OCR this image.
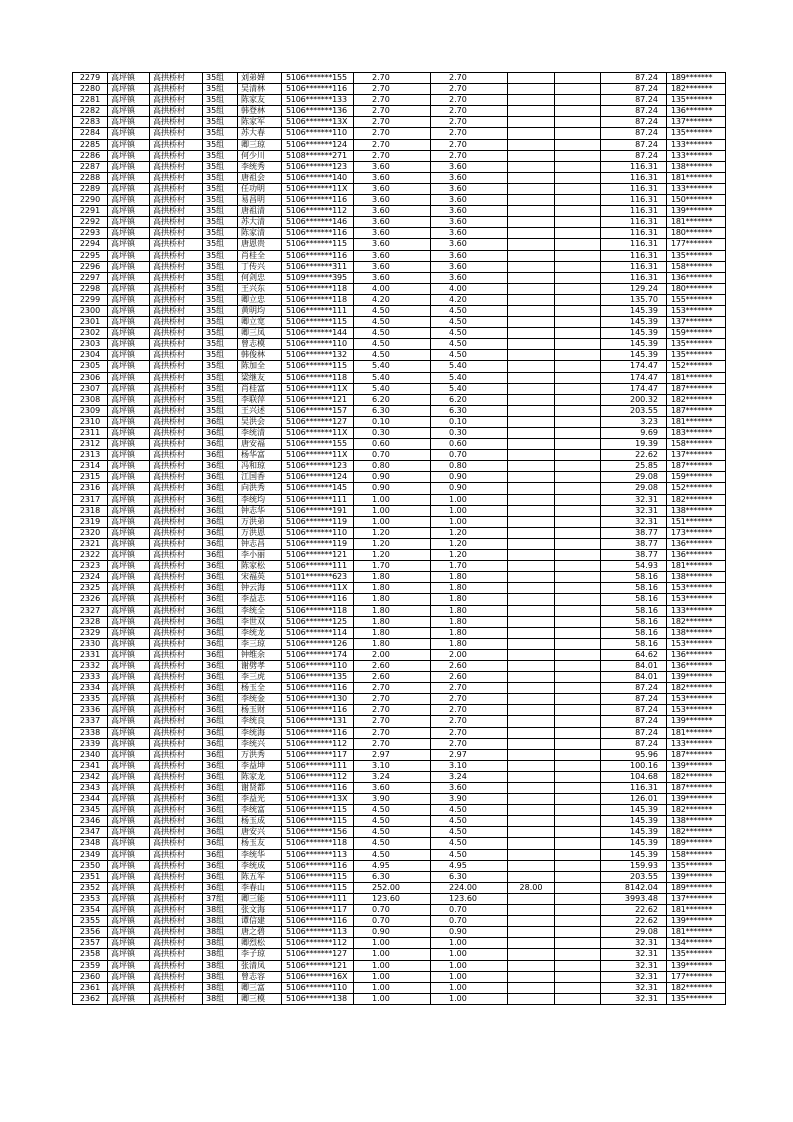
2279	高坪镇	高拱桥村	35组	刘弟婵	5106*******155	2.70	2.70			87.24	189*******
2280	高坪镇	高拱桥村	35组	吴清林	5106*******116	2.70	2.70			87.24	182*******
2281	高坪镇	高拱桥村	35组	陈家友	5106*******133	2.70	2.70			87.24	135*******
2282	高坪镇	高拱桥村	35组	韩登林	5106*******136	2.70	2.70			87.24	136*******
2283	高坪镇	高拱桥村	35组	陈家军	5106*******13X	2.70	2.70			87.24	137*******
2284	高坪镇	高拱桥村	35组	苏大春	5106*******110	2.70	2.70			87.24	135*******
2285	高坪镇	高拱桥村	35组	卿三琼	5106*******124	2.70	2.70			87.24	133*******
2286	高坪镇	高拱桥村	35组	何少川	5108*******271	2.70	2.70			87.24	133*******
2287	高坪镇	高拱桥村	35组	李统秀	5106*******123	3.60	3.60			116.31	138*******
2288	高坪镇	高拱桥村	35组	唐祖会	5106*******140	3.60	3.60			116.31	181*******
2289	高坪镇	高拱桥村	35组	任功明	5106*******11X	3.60	3.60			116.31	133*******
2290	高坪镇	高拱桥村	35组	易昌明	5106*******116	3.60	3.60			116.31	150*******
2291	高坪镇	高拱桥村	35组	唐祖清	5106*******112	3.60	3.60			116.31	139*******
2292	高坪镇	高拱桥村	35组	苏大清	5106*******146	3.60	3.60			116.31	181*******
2293	高坪镇	高拱桥村	35组	陈家清	5106*******116	3.60	3.60			116.31	180*******
2294	高坪镇	高拱桥村	35组	唐恩贵	5106*******115	3.60	3.60			116.31	177*******
2295	高坪镇	高拱桥村	35组	肖桂全	5106*******116	3.60	3.60			116.31	135*******
2296	高坪镇	高拱桥村	35组	丁传兴	5106*******311	3.60	3.60			116.31	158*******
2297	高坪镇	高拱桥村	35组	何剑忠	5109*******395	3.60	3.60			116.31	136*******
2298	高坪镇	高拱桥村	35组	王兴东	5106*******118	4.00	4.00			129.24	180*******
2299	高坪镇	高拱桥村	35组	卿立忠	5106*******118	4.20	4.20			135.70	155*******
2300	高坪镇	高拱桥村	35组	黄明均	5106*******111	4.50	4.50			145.39	153*******
2301	高坪镇	高拱桥村	35组	卿立宽	5106*******115	4.50	4.50			145.39	137*******
2302	高坪镇	高拱桥村	35组	卿三凤	5106*******144	4.50	4.50			145.39	159*******
2303	高坪镇	高拱桥村	35组	曾志模	5106*******110	4.50	4.50			145.39	135*******
2304	高坪镇	高拱桥村	35组	韩俊林	5106*******132	4.50	4.50			145.39	135*******
2305	高坪镇	高拱桥村	35组	陈加全	5106*******115	5.40	5.40			174.47	152*******
2306	高坪镇	高拱桥村	35组	梁继友	5106*******118	5.40	5.40			174.47	181*******
2307	高坪镇	高拱桥村	35组	肖桂富	5106*******11X	5.40	5.40			174.47	187*******
2308	高坪镇	高拱桥村	35组	李联萍	5106*******121	6.20	6.20			200.32	182*******
2309	高坪镇	高拱桥村	35组	王兴述	5106*******157	6.30	6.30			203.55	187*******
2310	高坪镇	高拱桥村	36组	吴洪会	5106*******127	0.10	0.10			3.23	181*******
2311	高坪镇	高拱桥村	36组	李统清	5106*******11X	0.30	0.30			9.69	183*******
2312	高坪镇	高拱桥村	36组	唐安福	5106*******155	0.60	0.60			19.39	158*******
2313	高坪镇	高拱桥村	36组	杨华富	5106*******11X	0.70	0.70			22.62	137*******
2314	高坪镇	高拱桥村	36组	冯和琼	5106*******123	0.80	0.80			25.85	187*******
2315	高坪镇	高拱桥村	36组	江国香	5106*******124	0.90	0.90			29.08	159*******
2316	高坪镇	高拱桥村	36组	向洪秀	5106*******145	0.90	0.90			29.08	152*******
2317	高坪镇	高拱桥村	36组	李统均	5106*******111	1.00	1.00			32.31	182*******
2318	高坪镇	高拱桥村	36组	钟志华	5106*******191	1.00	1.00			32.31	138*******
2319	高坪镇	高拱桥村	36组	万洪弟	5106*******119	1.00	1.00			32.31	151*******
2320	高坪镇	高拱桥村	36组	万洪恩	5106*******110	1.20	1.20			38.77	173*******
2321	高坪镇	高拱桥村	36组	钟志昌	5106*******119	1.20	1.20			38.77	136*******
2322	高坪镇	高拱桥村	36组	李小丽	5106*******121	1.20	1.20			38.77	136*******
2323	高坪镇	高拱桥村	36组	陈家松	5106*******111	1.70	1.70			54.93	181*******
2324	高坪镇	高拱桥村	36组	宋福英	5101*******623	1.80	1.80			58.16	138*******
2325	高坪镇	高拱桥村	36组	钟云海	5106*******11X	1.80	1.80			58.16	153*******
2326	高坪镇	高拱桥村	36组	李益志	5106*******116	1.80	1.80			58.16	153*******
2327	高坪镇	高拱桥村	36组	李统全	5106*******118	1.80	1.80			58.16	133*******
2328	高坪镇	高拱桥村	36组	李世双	5106*******125	1.80	1.80			58.16	182*******
2329	高坪镇	高拱桥村	36组	李统龙	5106*******114	1.80	1.80			58.16	138*******
2330	高坪镇	高拱桥村	36组	李三琼	5106*******126	1.80	1.80			58.16	153*******
2331	高坪镇	高拱桥村	36组	钟维余	5106*******174	2.00	2.00			64.62	136*******
2332	高坪镇	高拱桥村	36组	谢劈孝	5106*******110	2.60	2.60			84.01	136*******
2333	高坪镇	高拱桥村	36组	李三虎	5106*******135	2.60	2.60			84.01	139*******
2334	高坪镇	高拱桥村	36组	杨玉全	5106*******116	2.70	2.70			87.24	182*******
2335	高坪镇	高拱桥村	36组	李统金	5106*******130	2.70	2.70			87.24	153*******
2336	高坪镇	高拱桥村	36组	杨玉财	5106*******116	2.70	2.70			87.24	153*******
2337	高坪镇	高拱桥村	36组	李统良	5106*******131	2.70	2.70			87.24	139*******
2338	高坪镇	高拱桥村	36组	李统海	5106*******116	2.70	2.70			87.24	181*******
2339	高坪镇	高拱桥村	36组	李统兴	5106*******112	2.70	2.70			87.24	133*******
2340	高坪镇	高拱桥村	36组	万洪秀	5106*******117	2.97	2.97			95.96	187*******
2341	高坪镇	高拱桥村	36组	李益坤	5106*******111	3.10	3.10			100.16	139*******
2342	高坪镇	高拱桥村	36组	陈家龙	5106*******112	3.24	3.24			104.68	182*******
2343	高坪镇	高拱桥村	36组	谢贤都	5106*******116	3.60	3.60			116.31	187*******
2344	高坪镇	高拱桥村	36组	李益光	5106*******13X	3.90	3.90			126.01	139*******
2345	高坪镇	高拱桥村	36组	李统富	5106*******115	4.50	4.50			145.39	182*******
2346	高坪镇	高拱桥村	36组	杨玉成	5106*******115	4.50	4.50			145.39	138*******
2347	高坪镇	高拱桥村	36组	唐安兴	5106*******156	4.50	4.50			145.39	182*******
2348	高坪镇	高拱桥村	36组	杨玉友	5106*******118	4.50	4.50			145.39	189*******
2349	高坪镇	高拱桥村	36组	李统华	5106*******113	4.50	4.50			145.39	158*******
2350	高坪镇	高拱桥村	36组	李统成	5106*******116	4.95	4.95			159.93	135*******
2351	高坪镇	高拱桥村	36组	陈五军	5106*******115	6.30	6.30			203.55	139*******
2352	高坪镇	高拱桥村	36组	李春山	5106*******115	252.00	224.00	28.00		8142.04	189*******
2353	高坪镇	高拱桥村	37组	卿三能	5106*******111	123.60	123.60			3993.48	137*******
2354	高坪镇	高拱桥村	38组	张文海	5106*******117	0.70	0.70			22.62	181*******
2355	高坪镇	高拱桥村	38组	谭信建	5106*******116	0.70	0.70			22.62	139*******
2356	高坪镇	高拱桥村	38组	唐之碧	5106*******113	0.90	0.90			29.08	181*******
2357	高坪镇	高拱桥村	38组	卿烈松	5106*******112	1.00	1.00			32.31	134*******
2358	高坪镇	高拱桥村	38组	李子琼	5106*******127	1.00	1.00			32.31	135*******
2359	高坪镇	高拱桥村	38组	张清凤	5106*******121	1.00	1.00			32.31	139*******
2360	高坪镇	高拱桥村	38组	曾志容	5106*******16X	1.00	1.00			32.31	177*******
2361	高坪镇	高拱桥村	38组	卿三富	5106*******110	1.00	1.00			32.31	182*******
2362	高坪镇	高拱桥村	38组	卿三模	5106*******138	1.00	1.00			32.31	135*******
